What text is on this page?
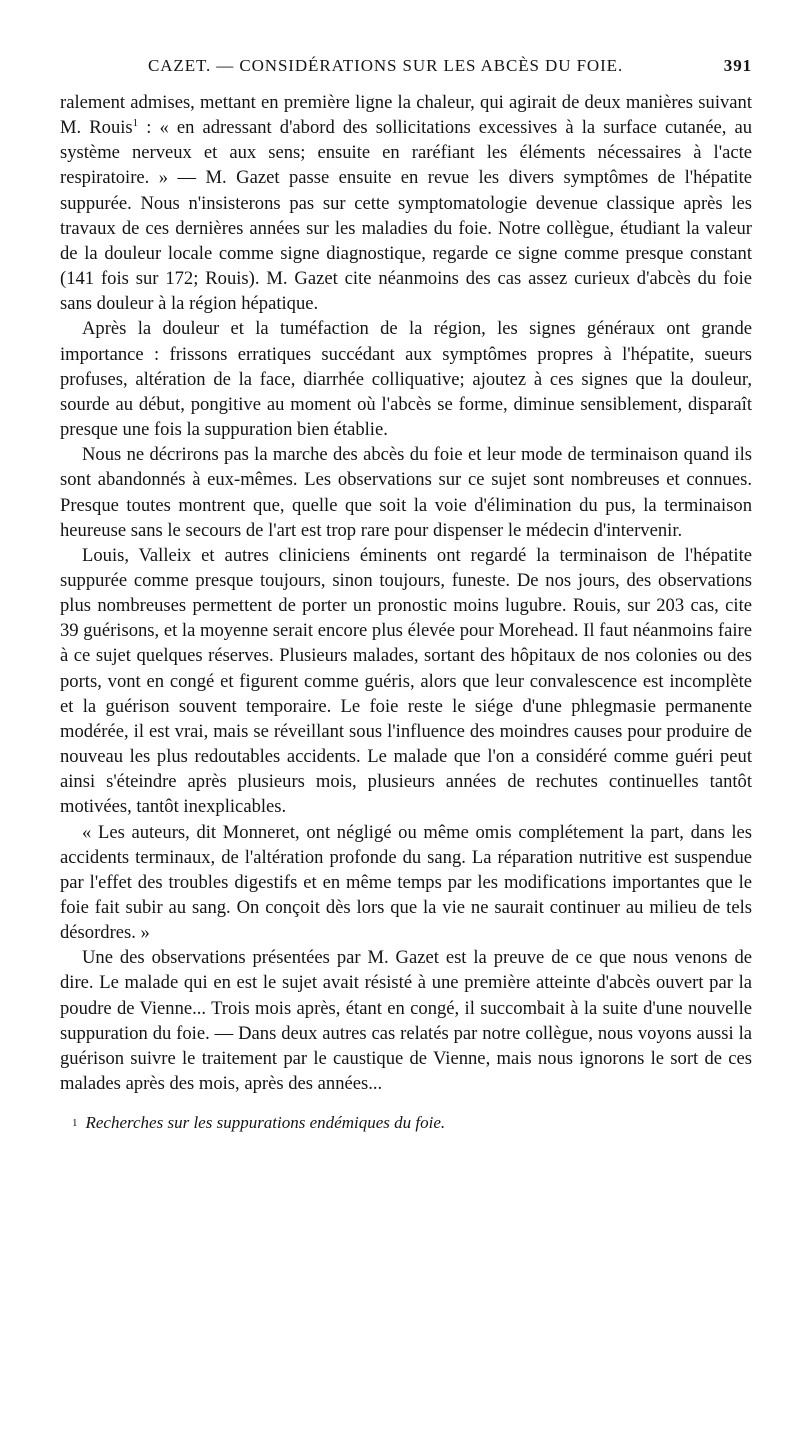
CAZET. — CONSIDÉRATIONS SUR LES ABCÈS DU FOIE.	391

ralement admises, mettant en première ligne la chaleur, qui agirait de deux manières suivant M. Rouis$^1$ : « en adressant d'abord des sollicitations excessives à la surface cutanée, au système nerveux et aux sens; ensuite en raréfiant les éléments nécessaires à l'acte respiratoire. » — M. Gazet passe ensuite en revue les divers symptômes de l'hépatite suppurée. Nous n'insisterons pas sur cette symptomatologie devenue classique après les travaux de ces dernières années sur les maladies du foie. Notre collègue, étudiant la valeur de la douleur locale comme signe diagnostique, regarde ce signe comme presque constant (141 fois sur 172; Rouis). M. Gazet cite néanmoins des cas assez curieux d'abcès du foie sans douleur à la région hépatique.

Après la douleur et la tuméfaction de la région, les signes généraux ont grande importance : frissons erratiques succédant aux symptômes propres à l'hépatite, sueurs profuses, altération de la face, diarrhée colliquative; ajoutez à ces signes que la douleur, sourde au début, pongitive au moment où l'abcès se forme, diminue sensiblement, disparaît presque une fois la suppuration bien établie.

Nous ne décrirons pas la marche des abcès du foie et leur mode de terminaison quand ils sont abandonnés à eux-mêmes. Les observations sur ce sujet sont nombreuses et connues. Presque toutes montrent que, quelle que soit la voie d'élimination du pus, la terminaison heureuse sans le secours de l'art est trop rare pour dispenser le médecin d'intervenir.

Louis, Valleix et autres cliniciens éminents ont regardé la terminaison de l'hépatite suppurée comme presque toujours, sinon toujours, funeste. De nos jours, des observations plus nombreuses permettent de porter un pronostic moins lugubre. Rouis, sur 203 cas, cite 39 guérisons, et la moyenne serait encore plus élevée pour Morehead. Il faut néanmoins faire à ce sujet quelques réserves. Plusieurs malades, sortant des hôpitaux de nos colonies ou des ports, vont en congé et figurent comme guéris, alors que leur convalescence est incomplète et la guérison souvent temporaire. Le foie reste le siége d'une phlegmasie permanente modérée, il est vrai, mais se réveillant sous l'influence des moindres causes pour produire de nouveau les plus redoutables accidents. Le malade que l'on a considéré comme guéri peut ainsi s'éteindre après plusieurs mois, plusieurs années de rechutes continuelles tantôt motivées, tantôt inexplicables.

« Les auteurs, dit Monneret, ont négligé ou même omis complétement la part, dans les accidents terminaux, de l'altération profonde du sang. La réparation nutritive est suspendue par l'effet des troubles digestifs et en même temps par les modifications importantes que le foie fait subir au sang. On conçoit dès lors que la vie ne saurait continuer au milieu de tels désordres. »

Une des observations présentées par M. Gazet est la preuve de ce que nous venons de dire. Le malade qui en est le sujet avait résisté à une première atteinte d'abcès ouvert par la poudre de Vienne... Trois mois après, étant en congé, il succombait à la suite d'une nouvelle suppuration du foie. — Dans deux autres cas relatés par notre collègue, nous voyons aussi la guérison suivre le traitement par le caustique de Vienne, mais nous ignorons le sort de ces malades après des mois, après des années...

$^1$ Recherches sur les suppurations endémiques du foie.
